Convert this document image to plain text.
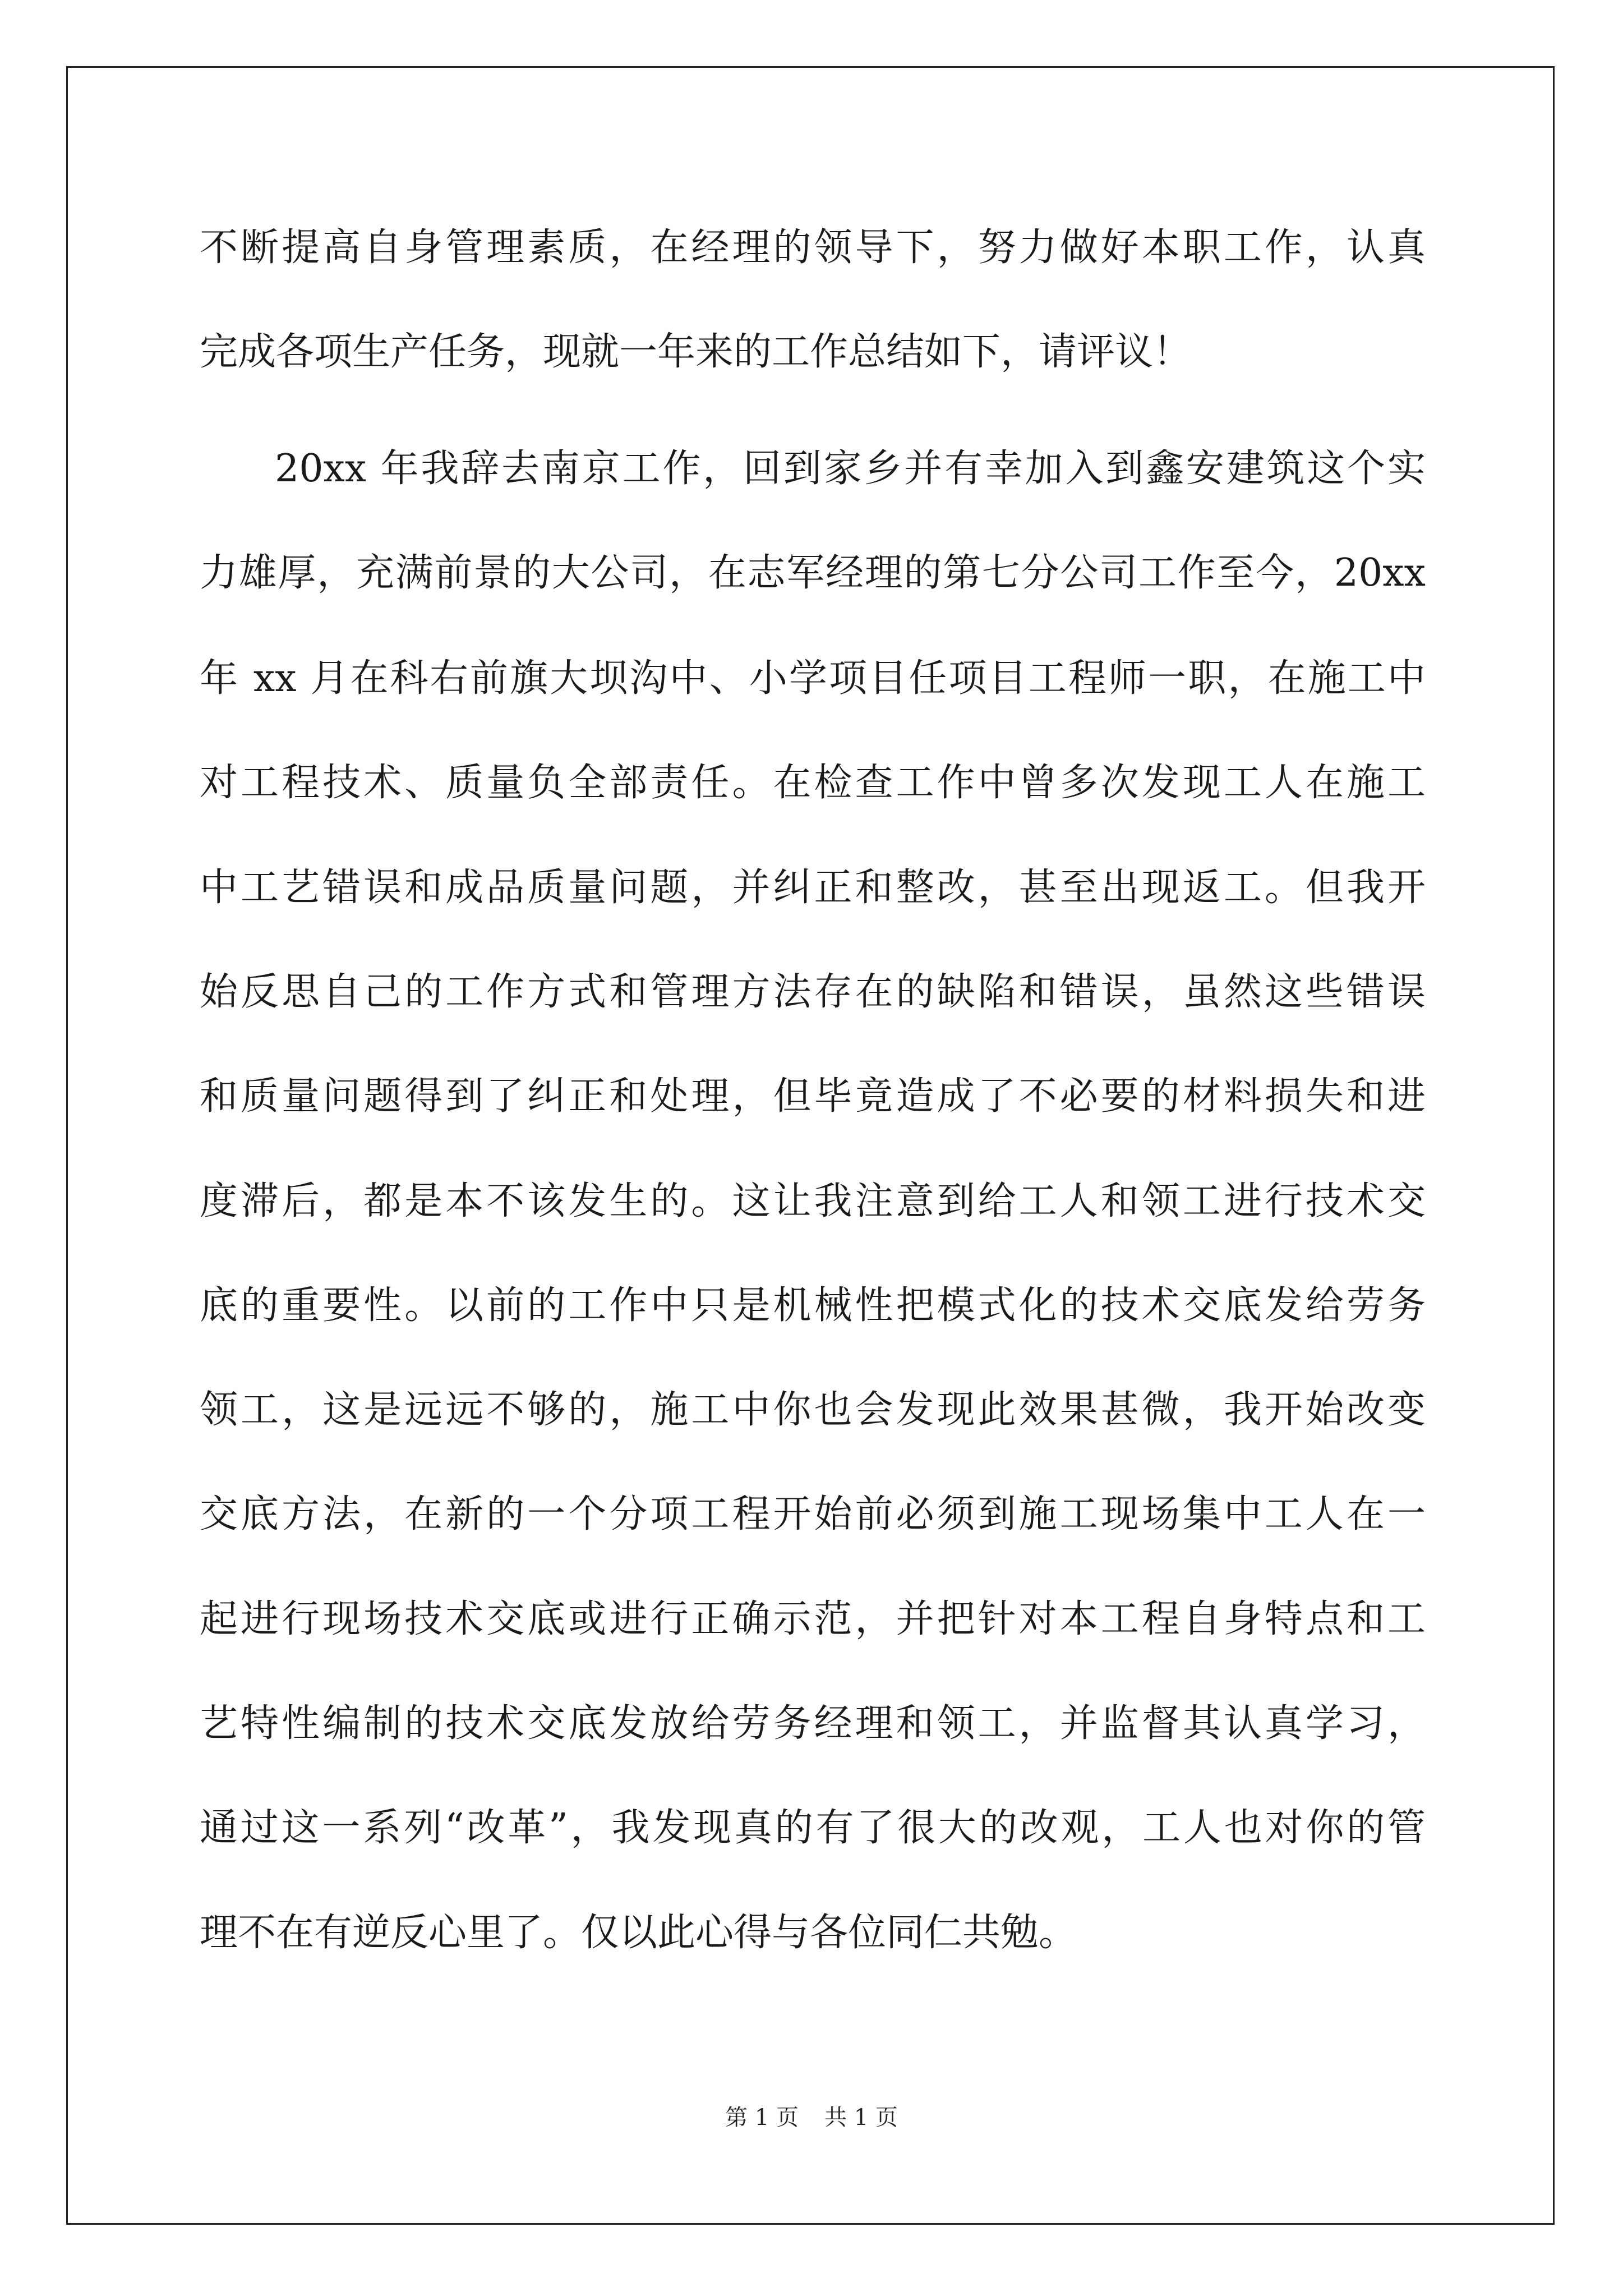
不断提高自身管理素质，在经理的领导下，努力做好本职工作，认真
完成各项生产任务，现就一年来的工作总结如下，请评议！
20xx 年我辞去南京工作，回到家乡并有幸加入到鑫安建筑这个实
力雄厚，充满前景的大公司，在志军经理的第七分公司工作至今，20xx
年 xx 月在科右前旗大坝沟中、小学项目任项目工程师一职，在施工中
对工程技术、质量负全部责任。在检查工作中曾多次发现工人在施工
中工艺错误和成品质量问题，并纠正和整改，甚至出现返工。但我开
始反思自己的工作方式和管理方法存在的缺陷和错误，虽然这些错误
和质量问题得到了纠正和处理，但毕竟造成了不必要的材料损失和进
度滞后，都是本不该发生的。这让我注意到给工人和领工进行技术交
底的重要性。以前的工作中只是机械性把模式化的技术交底发给劳务
领工，这是远远不够的，施工中你也会发现此效果甚微，我开始改变
交底方法，在新的一个分项工程开始前必须到施工现场集中工人在一
起进行现场技术交底或进行正确示范，并把针对本工程自身特点和工
艺特性编制的技术交底发放给劳务经理和领工，并监督其认真学习，
通过这一系列“改革”，我发现真的有了很大的改观，工人也对你的管
理不在有逆反心里了。仅以此心得与各位同仁共勉。
第 1 页 共 1 页
